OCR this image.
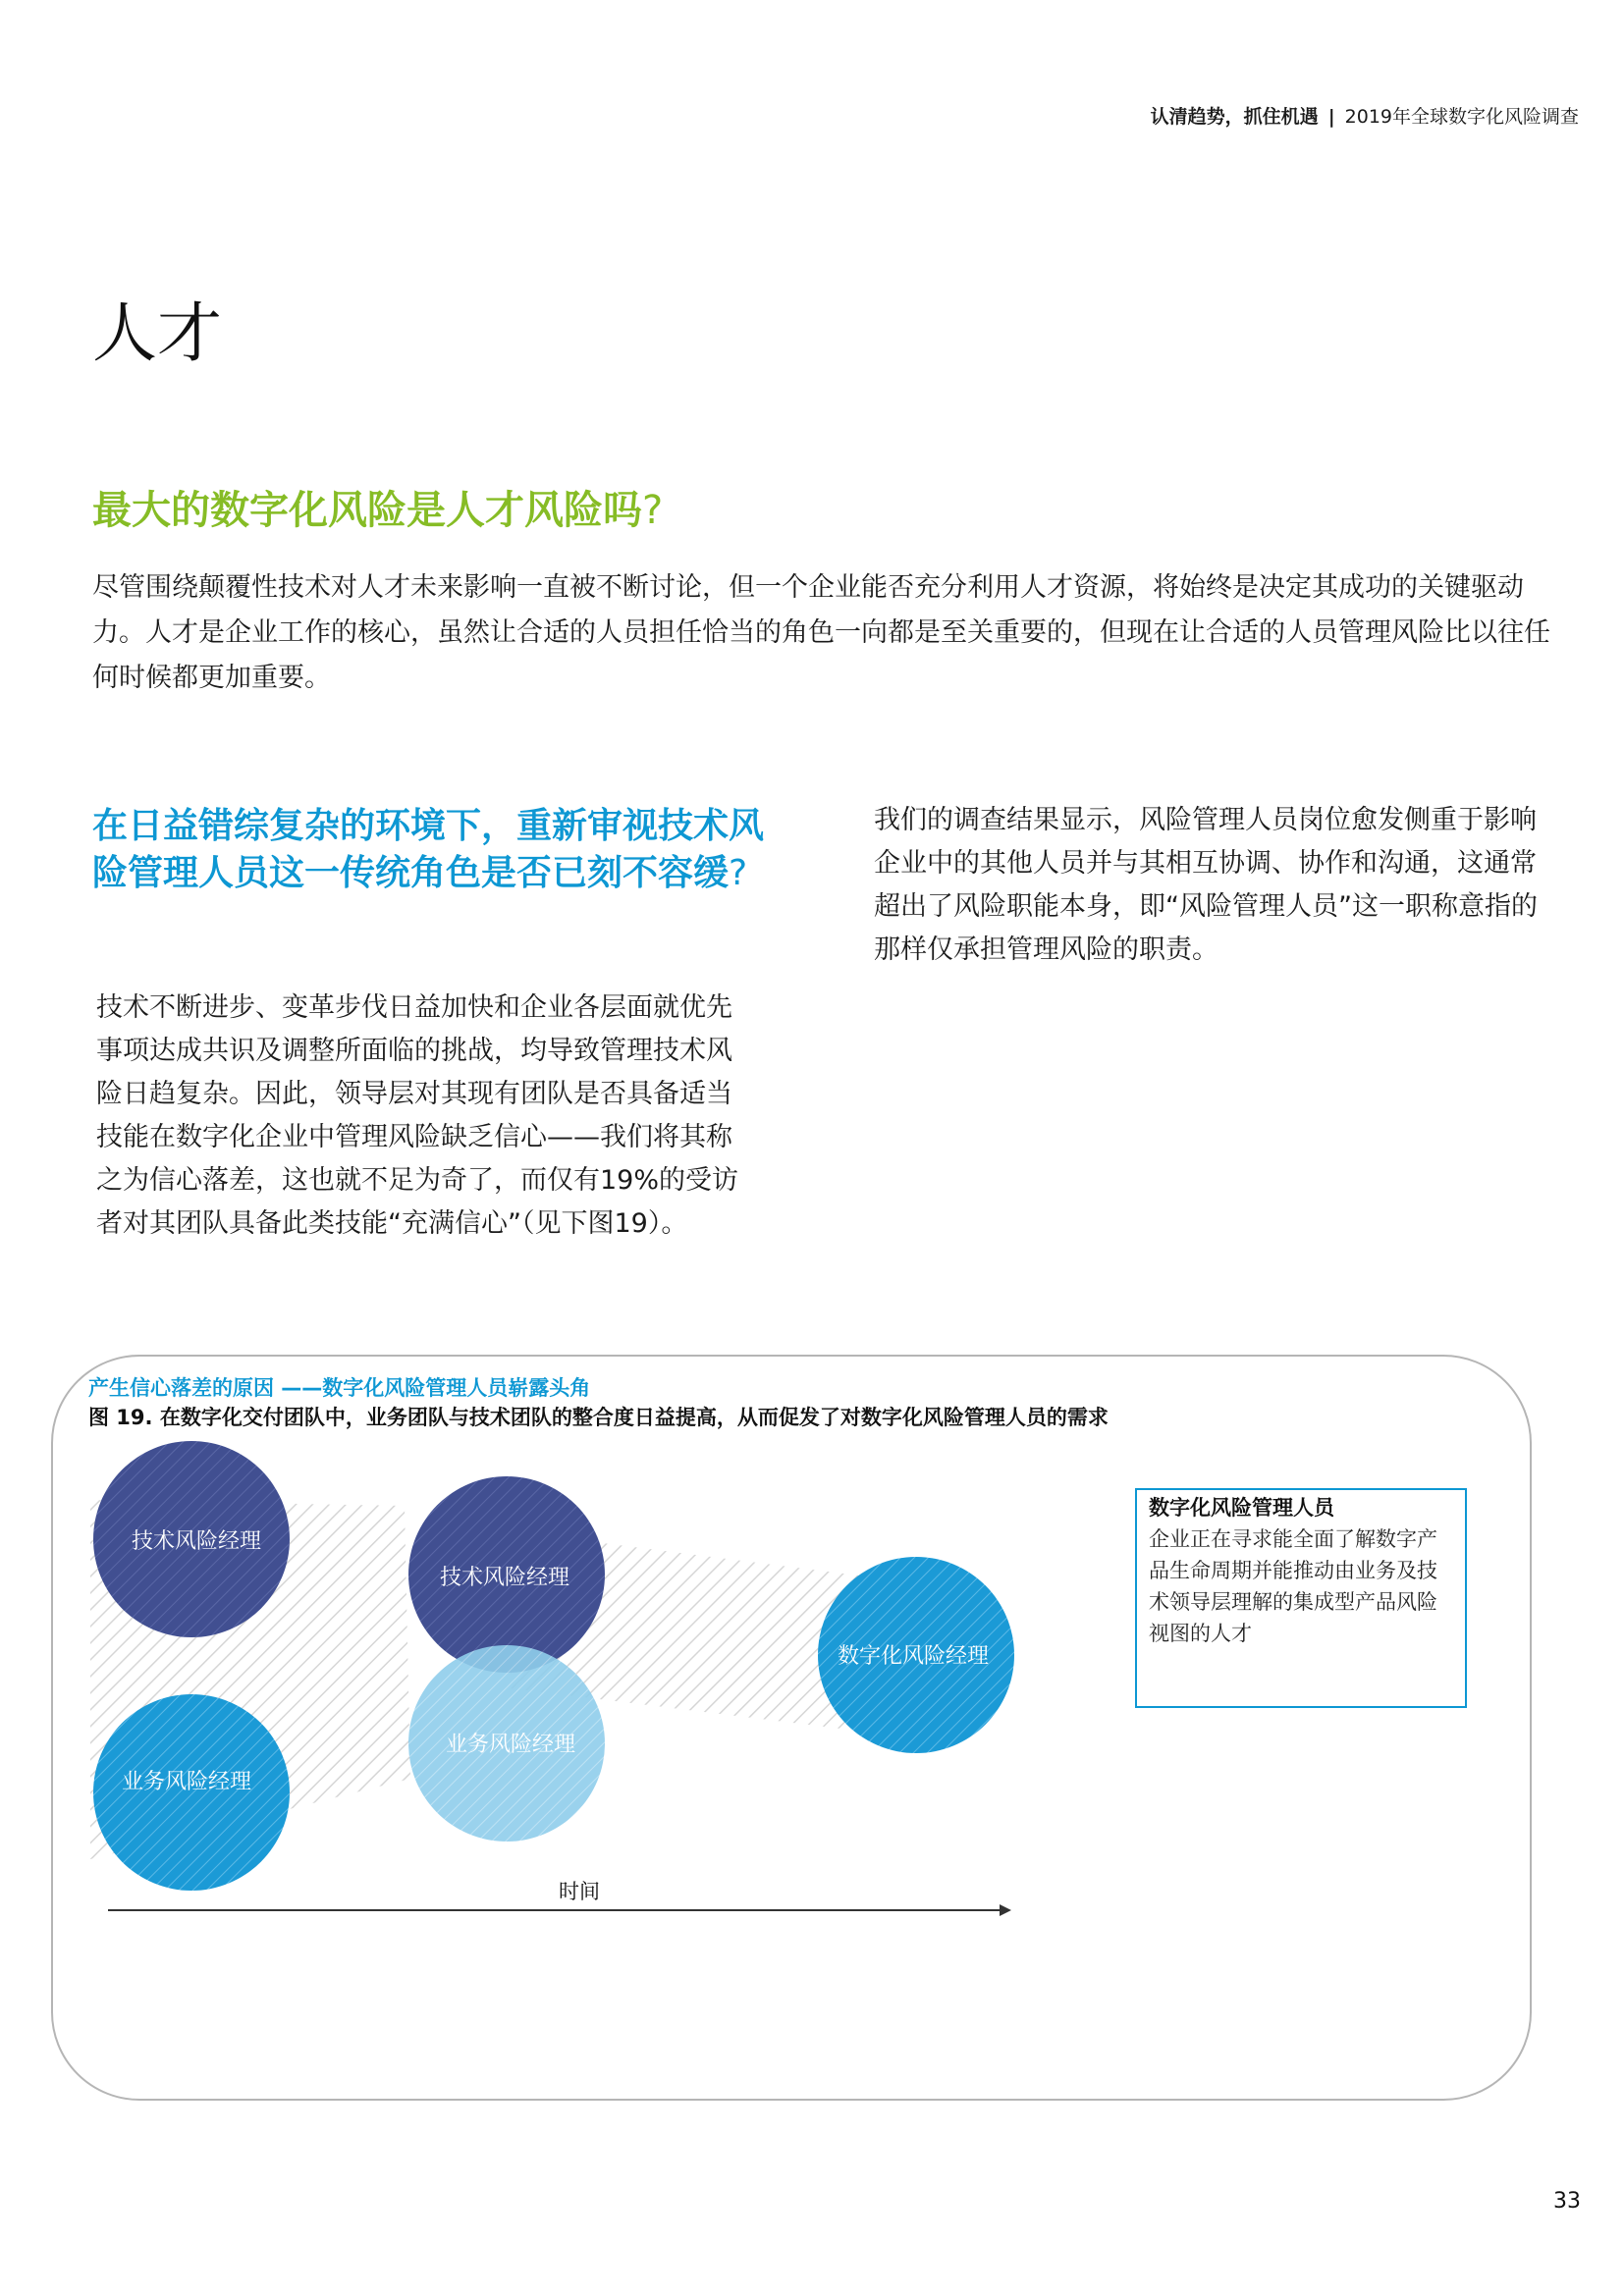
认清趋势，抓住机遇 | 2019年全球数字化风险调查
人才
最大的数字化风险是人才风险吗?

尽管围绕颠覆性技术对人才未来影响一直被不断讨论，但一个企业能否充分利用人才资源，将始终是决定其成功的关键驱动力。人才是企业工作的核心，虽然让合适的人员担任恰当的角色一向都是至关重要的，但现在让合适的人员管理风险比以往任何时候都更加重要。

在日益错综复杂的环境下，重新审视技术风险管理人员这一传统角色是否已刻不容缓?

技术不断进步、变革步伐日益加快和企业各层面就优先事项达成共识及调整所面临的挑战，均导致管理技术风险日趋复杂。因此，领导层对其现有团队是否具备适当技能在数字化企业中管理风险缺乏信心——我们将其称之为信心落差，这也就不足为奇了，而仅有19%的受访者对其团队具备此类技能“充满信心”（见下图19）。

我们的调查结果显示，风险管理人员岗位愈发侧重于影响企业中的其他人员并与其相互协调、协作和沟通，这通常超出了风险职能本身，即“风险管理人员”这一职称意指的那样仅承担管理风险的职责。

产生信心落差的原因 ——数字化风险管理人员崭露头角
图 19. 在数字化交付团队中，业务团队与技术团队的整合度日益提高，从而促发了对数字化风险管理人员的需求
技术风险经理
业务风险经理
技术风险经理
业务风险经理
数字化风险经理
时间
数字化风险管理人员

企业正在寻求能全面了解数字产品生命周期并能推动由业务及技术领导层理解的集成型产品风险视图的人才

33
